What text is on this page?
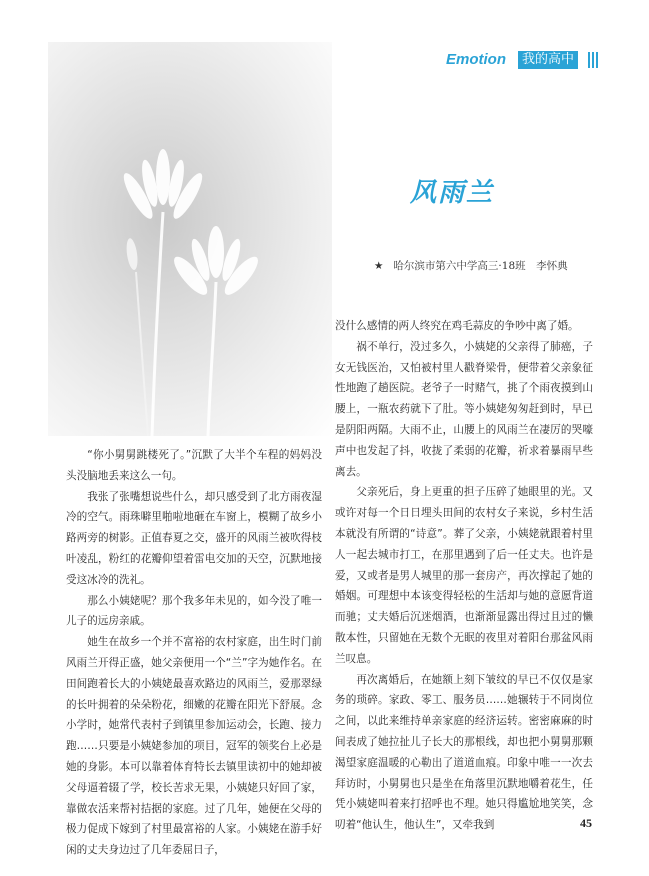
Emotion	我的高中
风雨兰
★ 哈尔滨市第六中学高三·18班　李怀典

“你小舅舅跳楼死了。”沉默了大半个车程的妈妈没头没脑地丢来这么一句。

我张了张嘴想说些什么，却只感受到了北方雨夜湿冷的空气。雨珠噼里啪啦地砸在车窗上，模糊了故乡小路两旁的树影。正值春夏之交，盛开的风雨兰被吹得枝叶凌乱，粉红的花瓣仰望着雷电交加的天空，沉默地接受这冰冷的洗礼。

那么小姨姥呢？那个我多年未见的，如今没了唯一儿子的远房亲戚。

她生在故乡一个并不富裕的农村家庭，出生时门前风雨兰开得正盛，她父亲便用一个“兰”字为她作名。在田间跑着长大的小姨姥最喜欢路边的风雨兰，爱那翠绿的长叶拥着的朵朵粉花，细嫩的花瓣在阳光下舒展。念小学时，她常代表村子到镇里参加运动会，长跑、接力跑……只要是小姨姥参加的项目，冠军的领奖台上必是她的身影。本可以靠着体育特长去镇里读初中的她却被父母逼着辍了学，校长苦求无果，小姨姥只好回了家，靠做农活来帮衬拮据的家庭。过了几年，她便在父母的极力促成下嫁到了村里最富裕的人家。小姨姥在游手好闲的丈夫身边过了几年委屈日子，

没什么感情的两人终究在鸡毛蒜皮的争吵中离了婚。

祸不单行，没过多久，小姨姥的父亲得了肺癌，子女无钱医治，又怕被村里人戳脊梁骨，便带着父亲象征性地跑了趟医院。老爷子一时赌气，挑了个雨夜摸到山腰上，一瓶农药就下了肚。等小姨姥匆匆赶到时，早已是阴阳两隔。大雨不止，山腰上的风雨兰在凄厉的哭嚎声中也发起了抖，收拢了柔弱的花瓣，祈求着暴雨早些离去。

父亲死后，身上更重的担子压碎了她眼里的光。又或许对每一个日日埋头田间的农村女子来说，乡村生活本就没有所谓的“诗意”。葬了父亲，小姨姥就跟着村里人一起去城市打工，在那里遇到了后一任丈夫。也许是爱，又或者是男人城里的那一套房产，再次撑起了她的婚姻。可理想中本该变得轻松的生活却与她的意愿背道而驰；丈夫婚后沉迷烟酒，也渐渐显露出得过且过的懒散本性，只留她在无数个无眠的夜里对着阳台那盆风雨兰叹息。

再次离婚后，在她额上刻下皱纹的早已不仅仅是家务的琐碎。家政、零工、服务员……她辗转于不同岗位之间，以此来维持单亲家庭的经济运转。密密麻麻的时间表成了她拉扯儿子长大的那根线，却也把小舅舅那颗渴望家庭温暖的心勒出了道道血痕。印象中唯一一次去拜访时，小舅舅也只是坐在角落里沉默地嚼着花生，任凭小姨姥叫着来打招呼也不理。她只得尴尬地笑笑，念叨着“他认生，他认生”，又牵我到	45
